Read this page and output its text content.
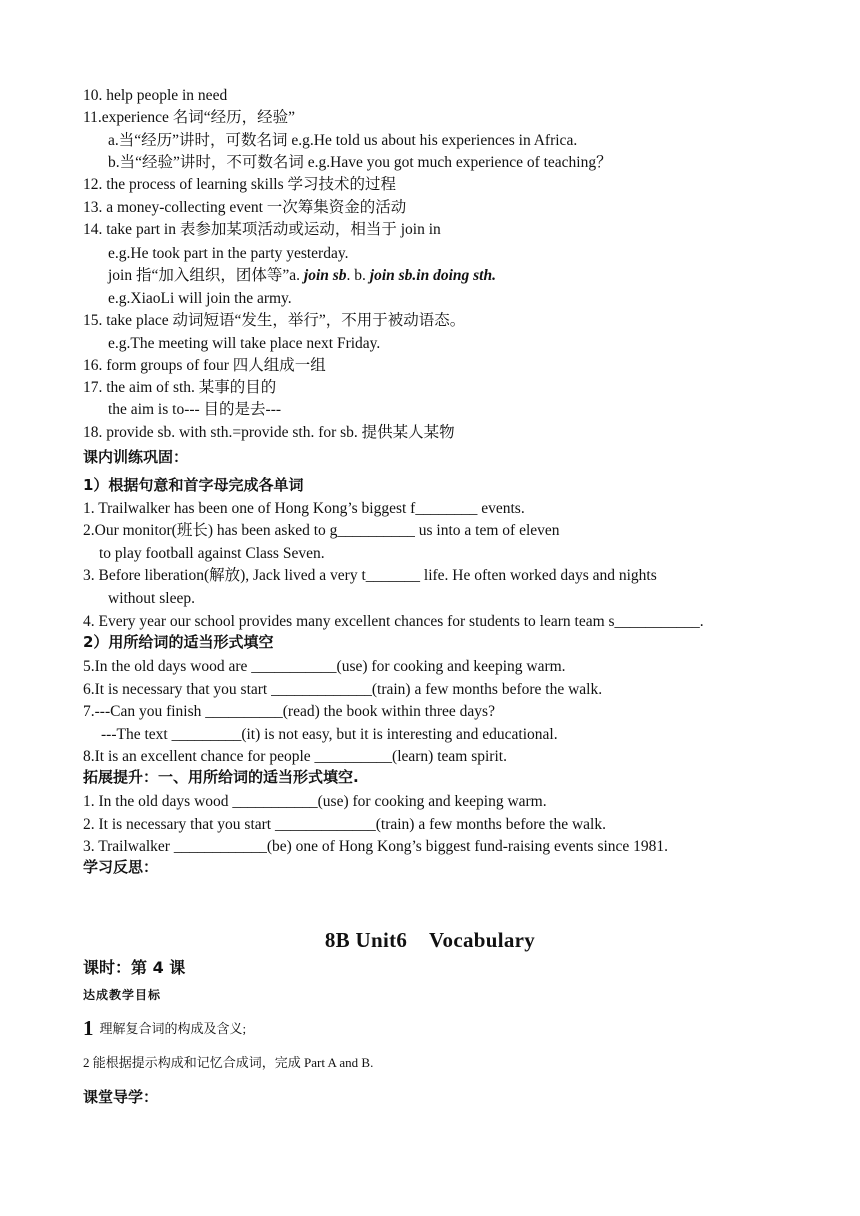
10. help people in need
11.experience 名词“经历，经验”
a.当“经历”讲时，可数名词 e.g.He told us about his experiences in Africa.
b.当“经验”讲时，不可数名词 e.g.Have you got much experience of teaching？
12. the process of learning skills 学习技术的过程
13. a money-collecting event 一次筹集资金的活动
14. take part in 表参加某项活动或运动，相当于 join in
e.g.He took part in the party yesterday.
join 指“加入组织，团体等”a. join sb. b. join sb.in doing sth.
e.g.XiaoLi will join the army.
15. take place 动词短语“发生，举行”，不用于被动语态。
e.g.The meeting will take place next Friday.
16. form groups of four 四人组成一组
17. the aim of sth. 某事的目的
the aim is to--- 目的是去---
18. provide sb. with sth.=provide sth. for sb. 提供某人某物
课内训练巩固：
1）根据句意和首字母完成各单词
1. Trailwalker has been one of Hong Kong’s biggest f________ events.
2.Our monitor(班长) has been asked to g__________ us into a tem of eleven
to play football against Class Seven.
3. Before liberation(解放), Jack lived a very t_______ life. He often worked days and nights
without sleep.
4. Every year our school provides many excellent chances for students to learn team s___________.
2）用所给词的适当形式填空
5.In the old days wood are ___________(use) for cooking and keeping warm.
6.It is necessary that you start _____________(train) a few months before the walk.
7.---Can you finish __________(read) the book within three days?
---The text _________(it) is not easy, but it is interesting and educational.
8.It is an excellent chance for people __________(learn) team spirit.
拓展提升：一、用所给词的适当形式填空.
1. In the old days wood ___________(use) for cooking and keeping warm.
2. It is necessary that you start _____________(train) a few months before the walk.
3. Trailwalker ____________(be) one of Hong Kong’s biggest fund-raising events since 1981.
学习反思：
8B Unit6    Vocabulary
课时：第 4 课
达成教学目标
1 理解复合词的构成及含义;
2 能根据提示构成和记忆合成词，完成 Part A and B.
课堂导学：
